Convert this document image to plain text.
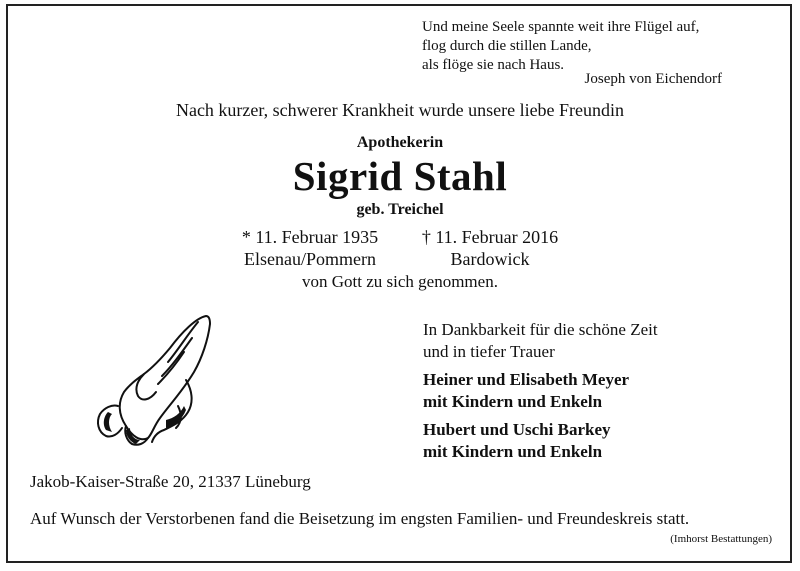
Und meine Seele spannte weit ihre Flügel auf,
flog durch die stillen Lande,
als flöge sie nach Haus.
Joseph von Eichendorf
Nach kurzer, schwerer Krankheit wurde unsere liebe Freundin
Apothekerin
Sigrid Stahl
geb. Treichel
* 11. Februar 1935
Elsenau/Pommern
† 11. Februar 2016
Bardowick
von Gott zu sich genommen.
In Dankbarkeit für die schöne Zeit
und in tiefer Trauer
Heiner und Elisabeth Meyer
mit Kindern und Enkeln
Hubert und Uschi Barkey
mit Kindern und Enkeln
Jakob-Kaiser-Straße 20, 21337 Lüneburg
Auf Wunsch der Verstorbenen fand die Beisetzung im engsten Familien- und Freundeskreis statt.
(Imhorst Bestattungen)
